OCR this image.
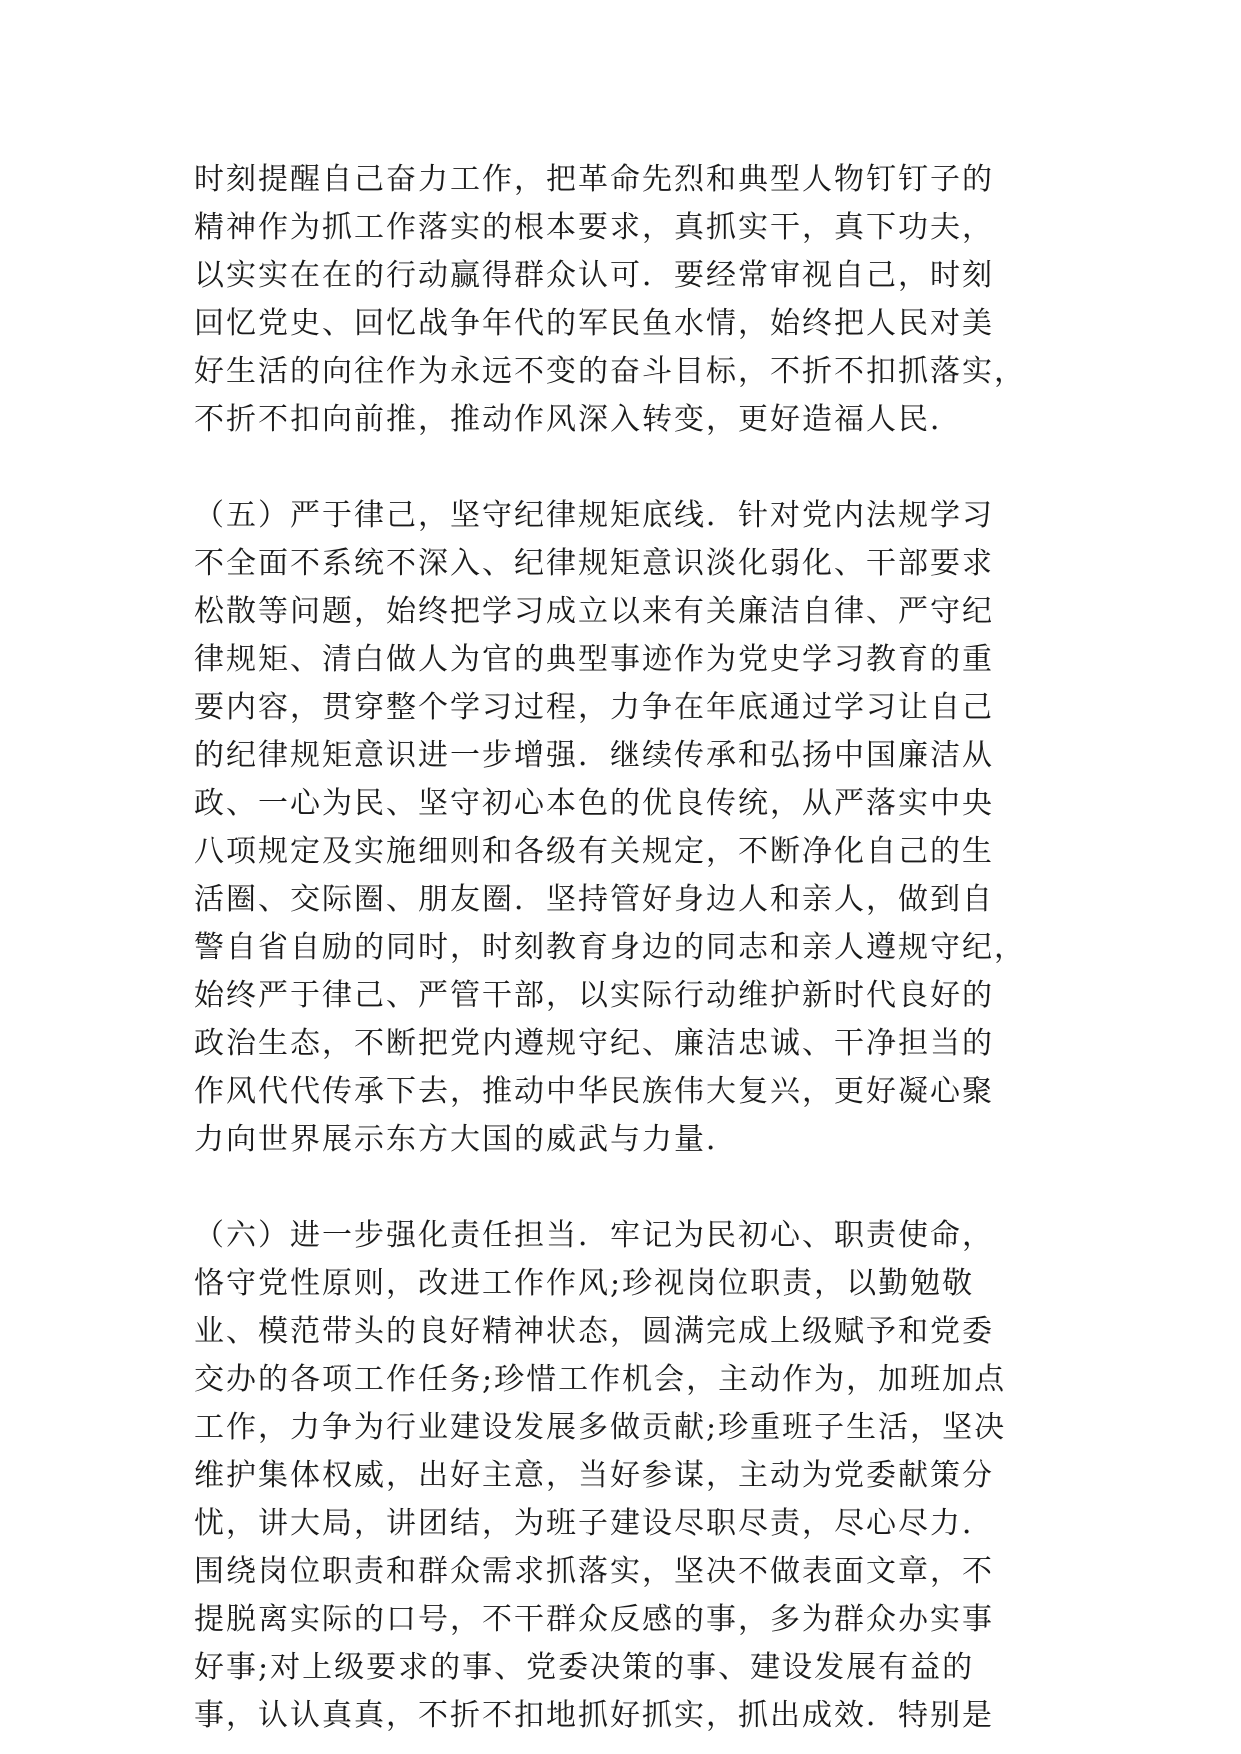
时刻提醒自己奋力工作，把革命先烈和典型人物钉钉子的
精神作为抓工作落实的根本要求，真抓实干，真下功夫，
以实实在在的行动赢得群众认可．要经常审视自己，时刻
回忆党史、回忆战争年代的军民鱼水情，始终把人民对美
好生活的向往作为永远不变的奋斗目标，不折不扣抓落实，
不折不扣向前推，推动作风深入转变，更好造福人民．
（五）严于律己，坚守纪律规矩底线．针对党内法规学习
不全面不系统不深入、纪律规矩意识淡化弱化、干部要求
松散等问题，始终把学习成立以来有关廉洁自律、严守纪
律规矩、清白做人为官的典型事迹作为党史学习教育的重
要内容，贯穿整个学习过程，力争在年底通过学习让自己
的纪律规矩意识进一步增强．继续传承和弘扬中国廉洁从
政、一心为民、坚守初心本色的优良传统，从严落实中央
八项规定及实施细则和各级有关规定，不断净化自己的生
活圈、交际圈、朋友圈．坚持管好身边人和亲人，做到自
警自省自励的同时，时刻教育身边的同志和亲人遵规守纪，
始终严于律己、严管干部，以实际行动维护新时代良好的
政治生态，不断把党内遵规守纪、廉洁忠诚、干净担当的
作风代代传承下去，推动中华民族伟大复兴，更好凝心聚
力向世界展示东方大国的威武与力量．
（六）进一步强化责任担当．牢记为民初心、职责使命，
恪守党性原则，改进工作作风;珍视岗位职责，以勤勉敬
业、模范带头的良好精神状态，圆满完成上级赋予和党委
交办的各项工作任务;珍惜工作机会，主动作为，加班加点
工作，力争为行业建设发展多做贡献;珍重班子生活，坚决
维护集体权威，出好主意，当好参谋，主动为党委献策分
忧，讲大局，讲团结，为班子建设尽职尽责，尽心尽力．
围绕岗位职责和群众需求抓落实，坚决不做表面文章，不
提脱离实际的口号，不干群众反感的事，多为群众办实事
好事;对上级要求的事、党委决策的事、建设发展有益的
事，认认真真，不折不扣地抓好抓实，抓出成效．特别是
